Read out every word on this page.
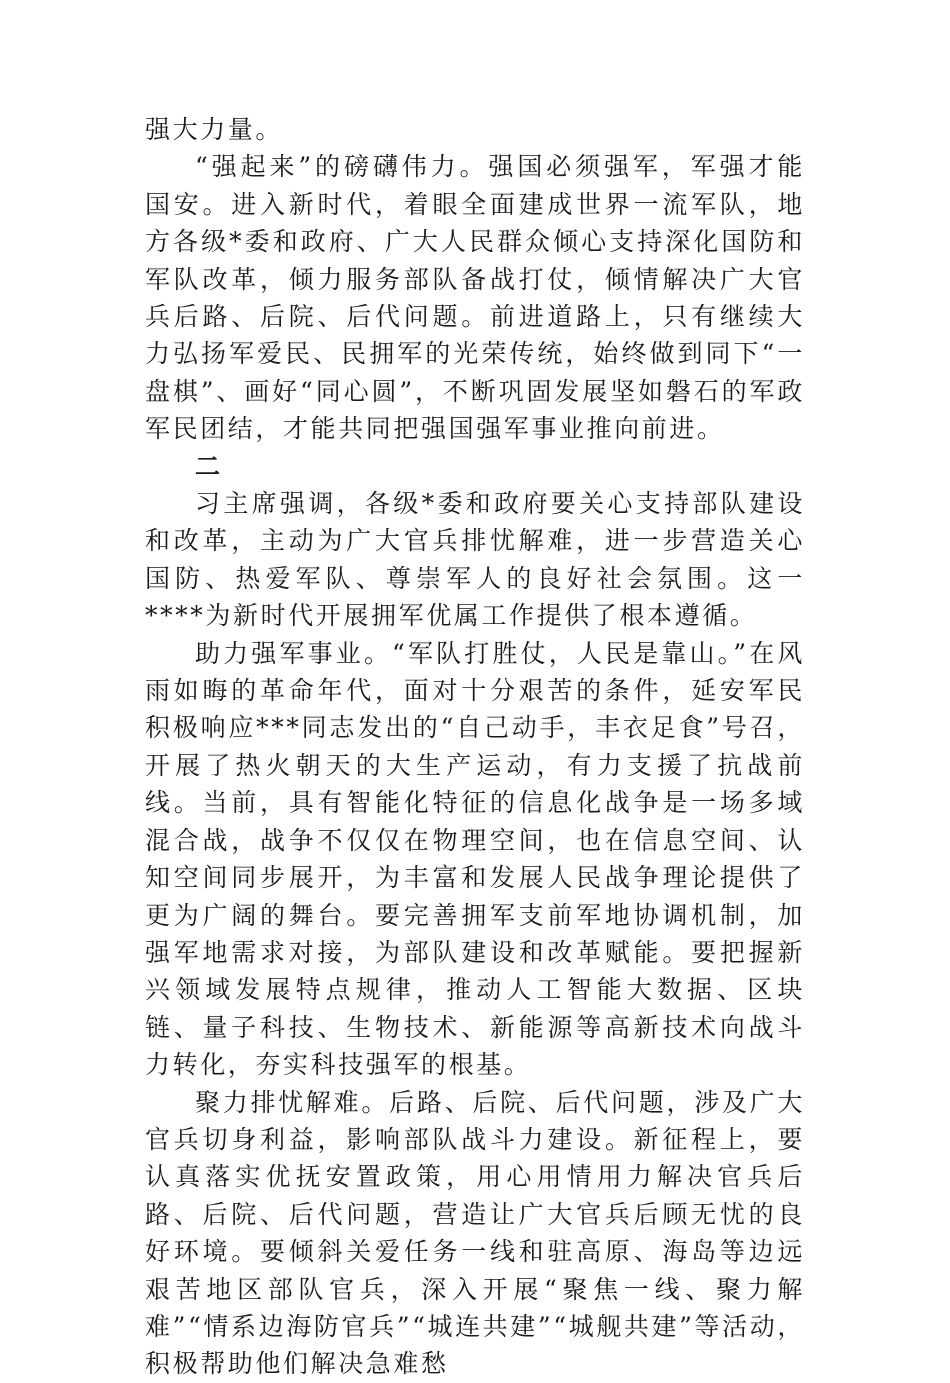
强大力量。

“强起来”的磅礴伟力。强国必须强军，军强才能国安。进入新时代，着眼全面建成世界一流军队，地方各级*委和政府、广大人民群众倾心支持深化国防和军队改革，倾力服务部队备战打仗，倾情解决广大官兵后路、后院、后代问题。前进道路上，只有继续大力弘扬军爱民、民拥军的光荣传统，始终做到同下“一盘棋”、画好“同心圆”，不断巩固发展坚如磐石的军政军民团结，才能共同把强国强军事业推向前进。

二

习主席强调，各级*委和政府要关心支持部队建设和改革，主动为广大官兵排忧解难，进一步营造关心国防、热爱军队、尊崇军人的良好社会氛围。这一****为新时代开展拥军优属工作提供了根本遵循。

助力强军事业。“军队打胜仗，人民是靠山。”在风雨如晦的革命年代，面对十分艰苦的条件，延安军民积极响应***同志发出的“自己动手，丰衣足食”号召，开展了热火朝天的大生产运动，有力支援了抗战前线。当前，具有智能化特征的信息化战争是一场多域混合战，战争不仅仅在物理空间，也在信息空间、认知空间同步展开，为丰富和发展人民战争理论提供了更为广阔的舞台。要完善拥军支前军地协调机制，加强军地需求对接，为部队建设和改革赋能。要把握新兴领域发展特点规律，推动人工智能大数据、区块链、量子科技、生物技术、新能源等高新技术向战斗力转化，夯实科技强军的根基。

聚力排忧解难。后路、后院、后代问题，涉及广大官兵切身利益，影响部队战斗力建设。新征程上，要认真落实优抚安置政策，用心用情用力解决官兵后路、后院、后代问题，营造让广大官兵后顾无忧的良好环境。要倾斜关爱任务一线和驻高原、海岛等边远艰苦地区部队官兵，深入开展“聚焦一线、聚力解难”“情系边海防官兵”“城连共建”“城舰共建”等活动，积极帮助他们解决急难愁
